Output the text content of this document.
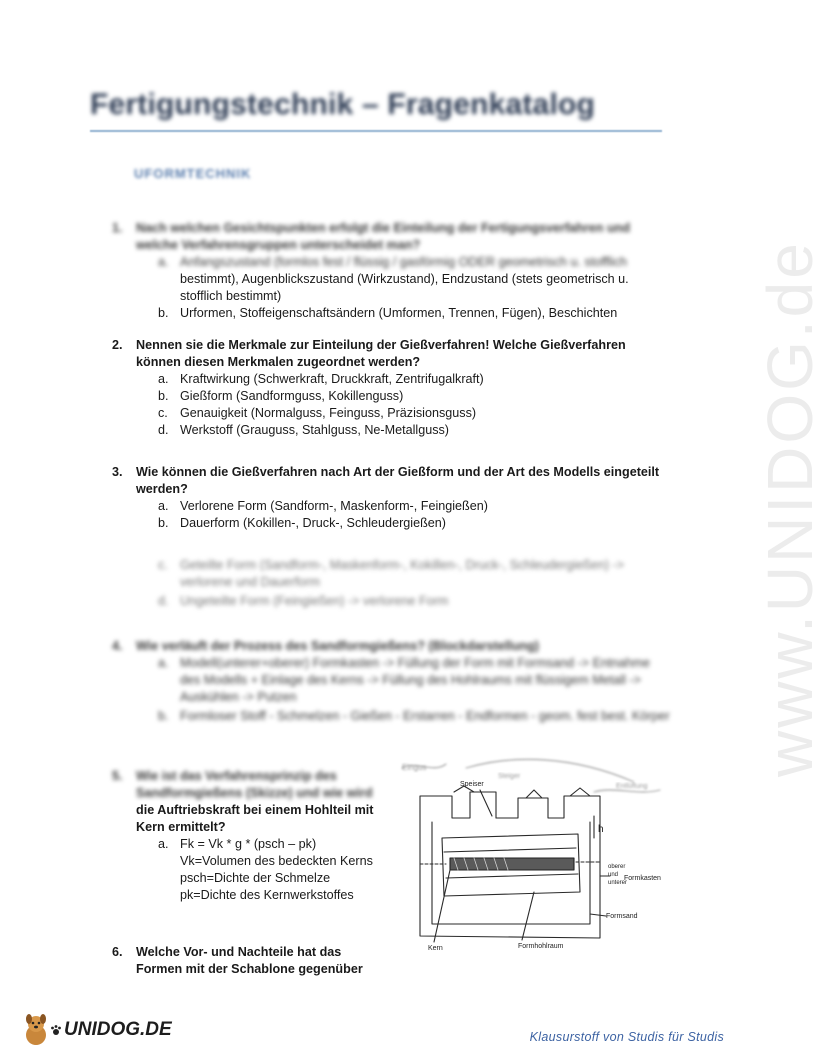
www.UNIDOG.de
Fertigungstechnik – Fragenkatalog
UFORMTECHNIK
1. Nach welchen Gesichtspunkten erfolgt die Einteilung der Fertigungsverfahren und welche Verfahrensgruppen unterscheidet man?
a. Anfangszustand (formlos fest / flüssig / gasförmig ODER geometrisch u. stofflich
bestimmt), Augenblickszustand (Wirkzustand), Endzustand (stets geometrisch u.
stofflich bestimmt)
b. Urformen, Stoffeigenschaftsändern (Umformen, Trennen, Fügen), Beschichten
2. Nennen sie die Merkmale zur Einteilung der Gießverfahren! Welche Gießverfahren können diesen Merkmalen zugeordnet werden?
a. Kraftwirkung (Schwerkraft, Druckkraft, Zentrifugalkraft)
b. Gießform (Sandformguss, Kokillenguss)
c. Genauigkeit (Normalguss, Feinguss, Präzisionsguss)
d. Werkstoff (Grauguss, Stahlguss, Ne-Metallguss)
3. Wie können die Gießverfahren nach Art der Gießform und der Art des Modells eingeteilt werden?
a. Verlorene Form (Sandform-, Maskenform-, Feingießen)
b. Dauerform (Kokillen-, Druck-, Schleudergießen)
c. Geteilte Form (Sandform-, Maskenform-, Kokillen-, Druck-, Schleudergießen) -> verlorene und Dauerform
d. Ungeteilte Form (Feingießen) -> verlorene Form
4. Wie verläuft der Prozess des Sandformgießens? (Blockdarstellung)
a. Modell(unterer+oberer) Formkasten -> Füllung der Form mit Formsand -> Entnahme des Modells + Einlage des Kerns -> Füllung des Hohlraums mit flüssigem Metall -> Auskühlen -> Putzen
b. Formloser Stoff - Schmelzen - Gießen - Erstarren - Endformen - geom. fest best. Körper
5. Wie ist das Verfahrensprinzip des
Sandformgießens (Skizze) und wie wird
die Auftriebskraft bei einem Hohlteil mit
Kern ermittelt?
a. Fk = Vk * g * (psch – pk)
Vk=Volumen des bedeckten Kerns
psch=Dichte der Schmelze
pk=Dichte des Kernwerkstoffes
6. Welche Vor- und Nachteile hat das
Formen mit der Schablone gegenüber
Eingus
Steiger
Entlüftung
Speiser
h
oberer
und
unterer
Formkasten
Formsand
Kern	Formhohlraum
UNIDOG.DE	Klausurstoff von Studis für Studis
